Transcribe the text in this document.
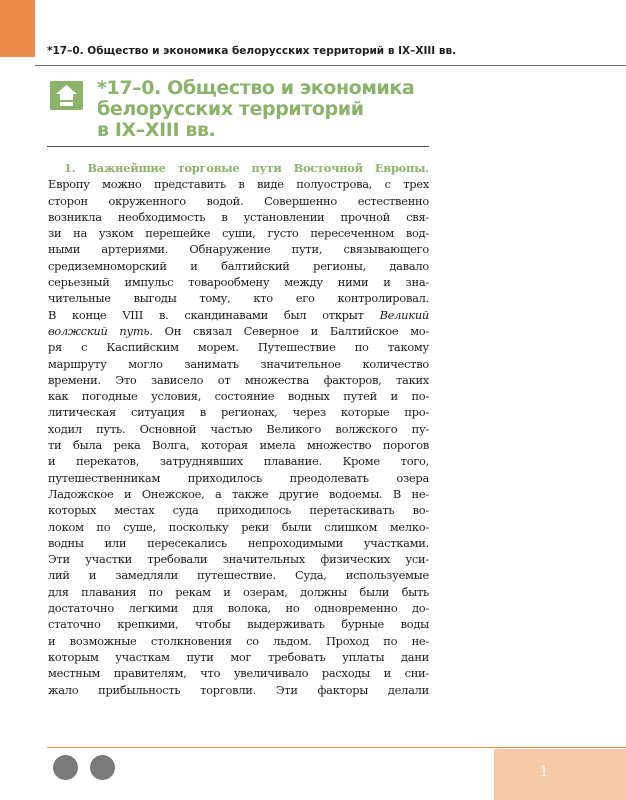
*17–0. Общество и экономика белорусских территорий в IX–XIII вв.
*17–0. Общество и экономика
белорусских территорий
в IX–XIII вв.
1. Важнейшие торговые пути Восточной Европы.
Европу можно представить в виде полуострова, с трех
сторон окруженного водой. Совершенно естественно
возникла необходимость в установлении прочной свя-
зи на узком перешейке суши, густо пересеченном вод-
ными артериями. Обнаружение пути, связывающего
средиземноморский и балтийский регионы, давало
серьезный импульс товарообмену между ними и зна-
чительные выгоды тому, кто его контролировал.
В конце VIII в. скандинавами был открыт Великий
волжский путь. Он связал Северное и Балтийское мо-
ря с Каспийским морем. Путешествие по такому
маршруту могло занимать значительное количество
времени. Это зависело от множества факторов, таких
как погодные условия, состояние водных путей и по-
литическая ситуация в регионах, через которые про-
ходил путь. Основной частью Великого волжского пу-
ти была река Волга, которая имела множество порогов
и перекатов, затруднявших плавание. Кроме того,
путешественникам приходилось преодолевать озера
Ладожское и Онежское, а также другие водоемы. В не-
которых местах суда приходилось перетаскивать во-
локом по суше, поскольку реки были слишком мелко-
водны или пересекались непроходимыми участками.
Эти участки требовали значительных физических уси-
лий и замедляли путешествие. Суда, используемые
для плавания по рекам и озерам, должны были быть
достаточно легкими для волока, но одновременно до-
статочно крепкими, чтобы выдерживать бурные воды
и возможные столкновения со льдом. Проход по не-
которым участкам пути мог требовать уплаты дани
местным правителям, что увеличивало расходы и сни-
жало прибыльность торговли. Эти факторы делали
1
